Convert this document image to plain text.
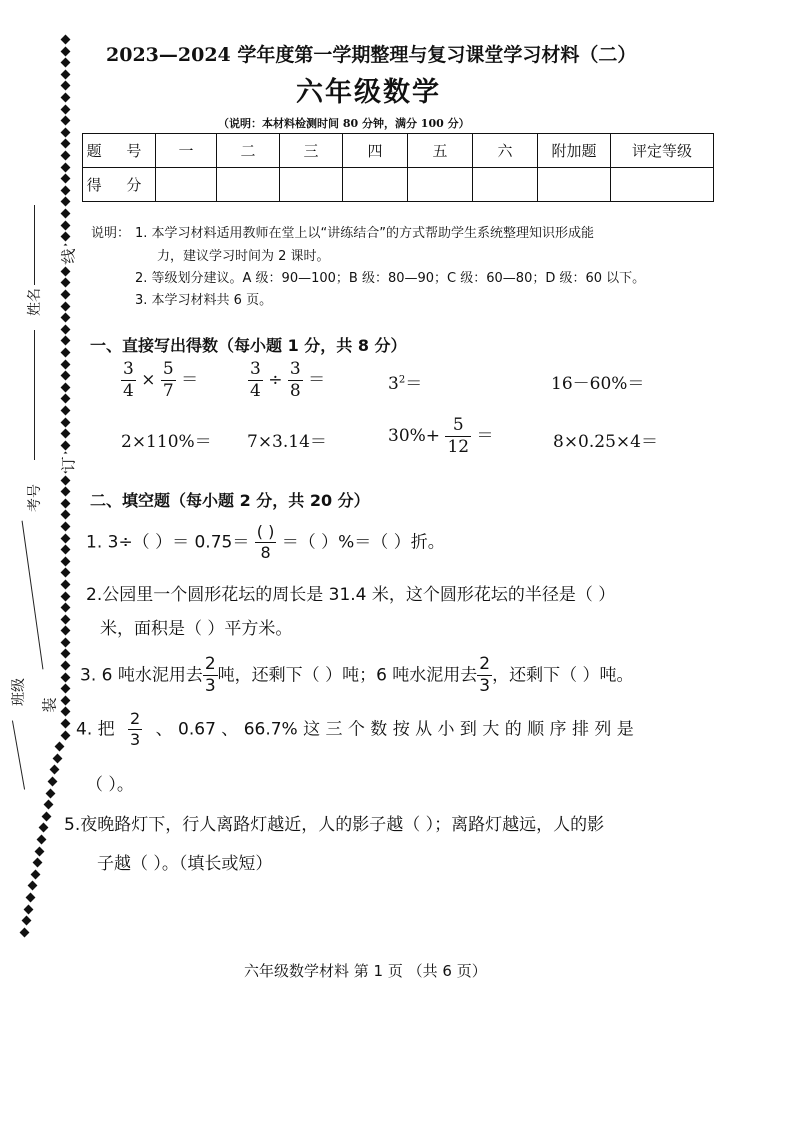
线
订
装
姓名
考号
班级
2023—2024 学年度第一学期整理与复习课堂学习材料（二）
六年级数学
（说明：本材料检测时间 80 分钟，满分 100 分）
题 号	一	二	三	四	五	六	附加题	评定等级
得 分								
说明： 1. 本学习材料适用教师在堂上以“讲练结合”的方式帮助学生系统整理知识形成能
力，建议学习时间为 2 课时。
2. 等级划分建议。A 级：90—100；B 级：80—90；C 级：60—80；D 级：60 以下。
3. 本学习材料共 6 页。
一、直接写出得数（每小题 1 分，共 8 分）
$\frac{3}{4} \times \frac{5}{7}$ ＝	$\frac{3}{4} \div \frac{3}{8}$ ＝	$3^2=$	16－60%＝
2×110%＝ 7×3.14＝	$30\%+ \frac{5}{12}$ ＝	8×0.25×4＝
二、填空题（每小题 2 分，共 20 分）
1. 3÷（ ）＝ $0.75= \frac{( )}{8}$ ＝（ ）%＝（ ）折。
2.公园里一个圆形花坛的周长是 31.4 米，这个圆形花坛的半径是（ ）
米，面积是（ ）平方米。
3. 6 吨水泥用去 $\frac{2}{3}$ 吨，还剩下（ ）吨；6 吨水泥用去 $\frac{2}{3}$ ，还剩下（ ）吨。
4. 把 $\frac{2}{3}$ 、 0.67 、 66.7% 这 三 个 数 按 从 小 到 大 的 顺 序 排 列 是
（ ）。
5.夜晚路灯下，行人离路灯越近，人的影子越（ ）；离路灯越远，人的影
子越（ ）。（填长或短）
六年级数学材料 第 1 页 （共 6 页）
